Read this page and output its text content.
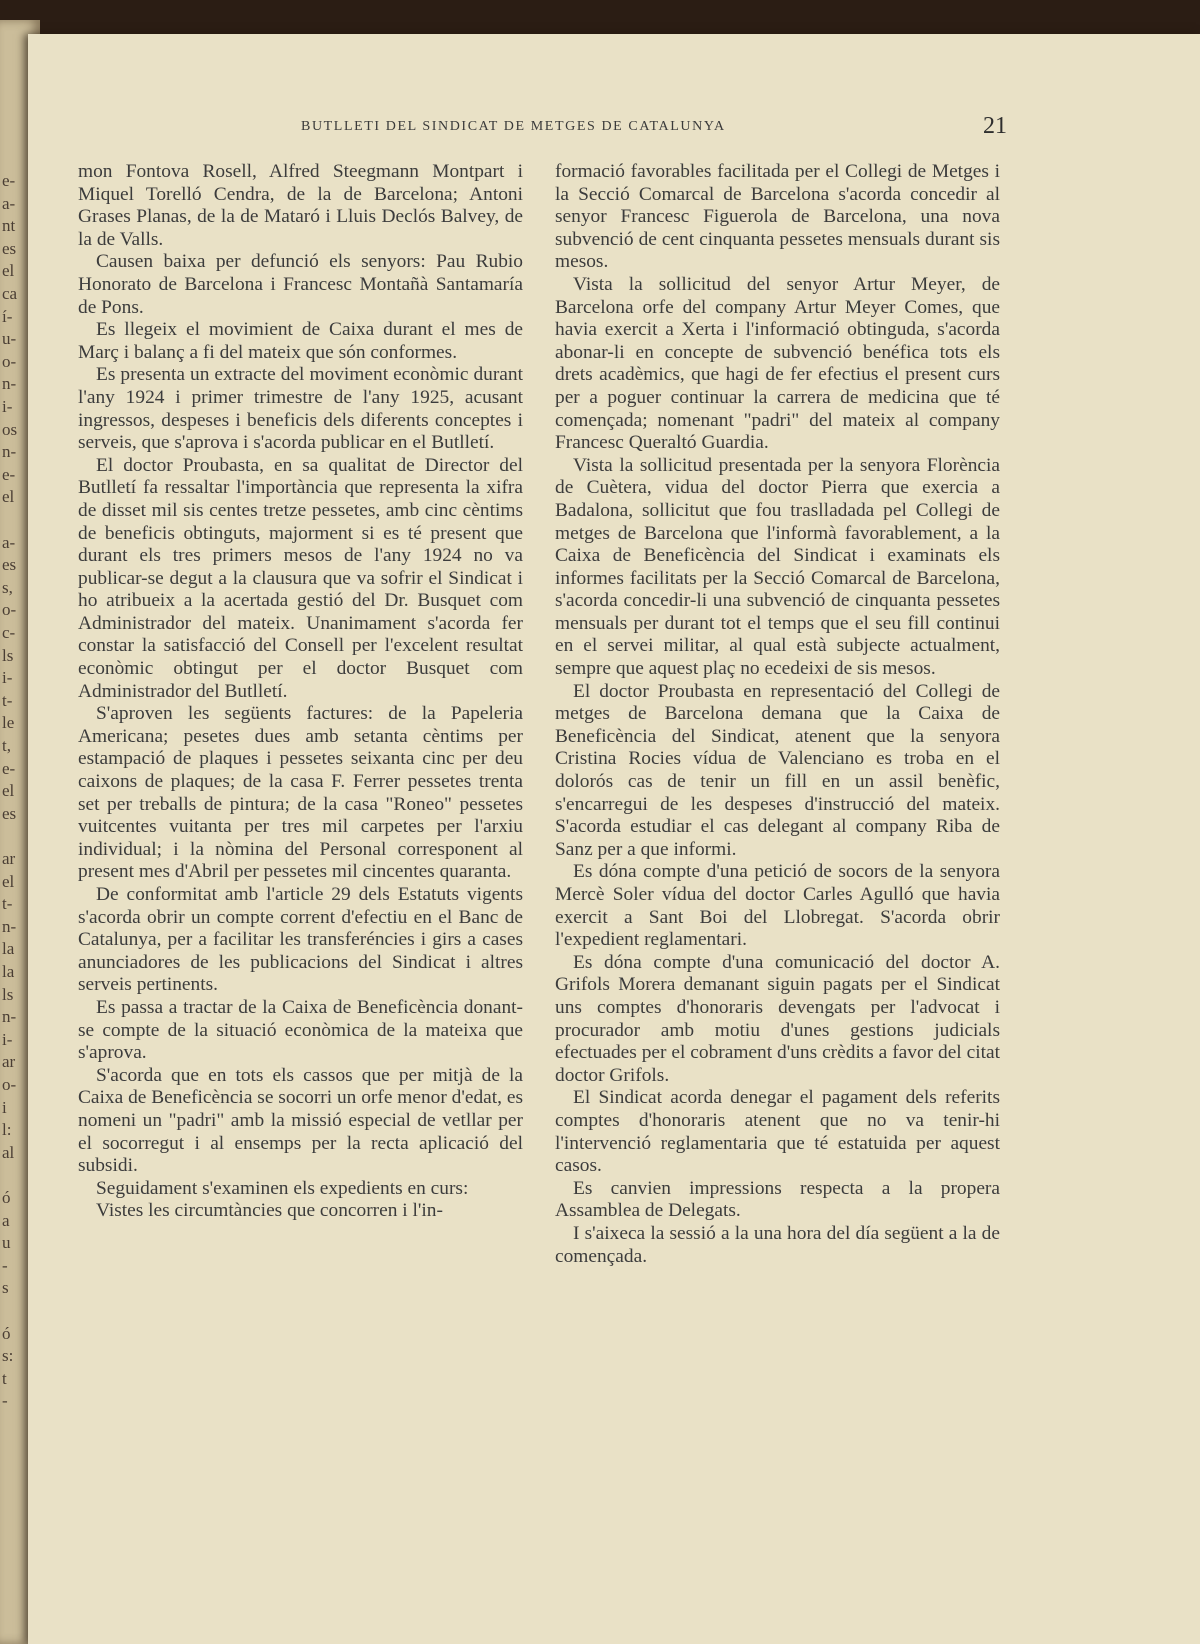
e-
a-
nt
es
el
ca
í-
u-
o-
n-
i-
os
n-
e-
el
a-
es
s,
o-
c-
ls
i-
t-
le
t,
e-
el
es
ar
el
t-
n-
la
la
ls
n-
i-
ar
o-
i
l:
al
ó
a
u
-
s
ó
s:
t
-
BUTLLETI DEL SINDICAT DE METGES DE CATALUNYA	21

mon Fontova Rosell, Alfred Steegmann Montpart i Miquel Torelló Cendra, de la de Barcelona; Antoni Grases Planas, de la de Mataró i Lluis Declós Balvey, de la de Valls.

Causen baixa per defunció els senyors: Pau Rubio Honorato de Barcelona i Francesc Montañà Santamaría de Pons.

Es llegeix el movimient de Caixa durant el mes de Març i balanç a fi del mateix que són conformes.

Es presenta un extracte del moviment econòmic durant l'any 1924 i primer trimestre de l'any 1925, acusant ingressos, despeses i beneficis dels diferents conceptes i serveis, que s'aprova i s'acorda publicar en el Butlletí.

El doctor Proubasta, en sa qualitat de Director del Butlletí fa ressaltar l'importància que representa la xifra de disset mil sis centes tretze pessetes, amb cinc cèntims de beneficis obtinguts, majorment si es té present que durant els tres primers mesos de l'any 1924 no va publicar-se degut a la clausura que va sofrir el Sindicat i ho atribueix a la acertada gestió del Dr. Busquet com Administrador del mateix. Unanimament s'acorda fer constar la satisfacció del Consell per l'excelent resultat econòmic obtingut per el doctor Busquet com Administrador del Butlletí.

S'aproven les següents factures: de la Papeleria Americana; pesetes dues amb setanta cèntims per estampació de plaques i pessetes seixanta cinc per deu caixons de plaques; de la casa F. Ferrer pessetes trenta set per treballs de pintura; de la casa "Roneo" pessetes vuitcentes vuitanta per tres mil carpetes per l'arxiu individual; i la nòmina del Personal corresponent al present mes d'Abril per pessetes mil cincentes quaranta.

De conformitat amb l'article 29 dels Estatuts vigents s'acorda obrir un compte corrent d'efectiu en el Banc de Catalunya, per a facilitar les transferéncies i girs a cases anunciadores de les publicacions del Sindicat i altres serveis pertinents.

Es passa a tractar de la Caixa de Beneficència donant-se compte de la situació econòmica de la mateixa que s'aprova.

S'acorda que en tots els cassos que per mitjà de la Caixa de Beneficència se socorri un orfe menor d'edat, es nomeni un "padri" amb la missió especial de vetllar per el socorregut i al ensemps per la recta aplicació del subsidi.

Seguidament s'examinen els expedients en curs:

Vistes les circumtàncies que concorren i l'in-

formació favorables facilitada per el Collegi de Metges i la Secció Comarcal de Barcelona s'acorda concedir al senyor Francesc Figuerola de Barcelona, una nova subvenció de cent cinquanta pessetes mensuals durant sis mesos.

Vista la sollicitud del senyor Artur Meyer, de Barcelona orfe del company Artur Meyer Comes, que havia exercit a Xerta i l'informació obtinguda, s'acorda abonar-li en concepte de subvenció benéfica tots els drets acadèmics, que hagi de fer efectius el present curs per a poguer continuar la carrera de medicina que té començada; nomenant "padri" del mateix al company Francesc Queraltó Guardia.

Vista la sollicitud presentada per la senyora Florència de Cuètera, vidua del doctor Pierra que exercia a Badalona, sollicitut que fou traslladada pel Collegi de metges de Barcelona que l'informà favorablement, a la Caixa de Beneficència del Sindicat i examinats els informes facilitats per la Secció Comarcal de Barcelona, s'acorda concedir-li una subvenció de cinquanta pessetes mensuals per durant tot el temps que el seu fill continui en el servei militar, al qual està subjecte actualment, sempre que aquest plaç no ecedeixi de sis mesos.

El doctor Proubasta en representació del Collegi de metges de Barcelona demana que la Caixa de Beneficència del Sindicat, atenent que la senyora Cristina Rocies vídua de Valenciano es troba en el dolorós cas de tenir un fill en un assil benèfic, s'encarregui de les despeses d'instrucció del mateix. S'acorda estudiar el cas delegant al company Riba de Sanz per a que informi.

Es dóna compte d'una petició de socors de la senyora Mercè Soler vídua del doctor Carles Agulló que havia exercit a Sant Boi del Llobregat. S'acorda obrir l'expedient reglamentari.

Es dóna compte d'una comunicació del doctor A. Grifols Morera demanant siguin pagats per el Sindicat uns comptes d'honoraris devengats per l'advocat i procurador amb motiu d'unes gestions judicials efectuades per el cobrament d'uns crèdits a favor del citat doctor Grifols.

El Sindicat acorda denegar el pagament dels referits comptes d'honoraris atenent que no va tenir-hi l'intervenció reglamentaria que té estatuida per aquest casos.

Es canvien impressions respecta a la propera Assamblea de Delegats.

I s'aixeca la sessió a la una hora del día següent a la de començada.
